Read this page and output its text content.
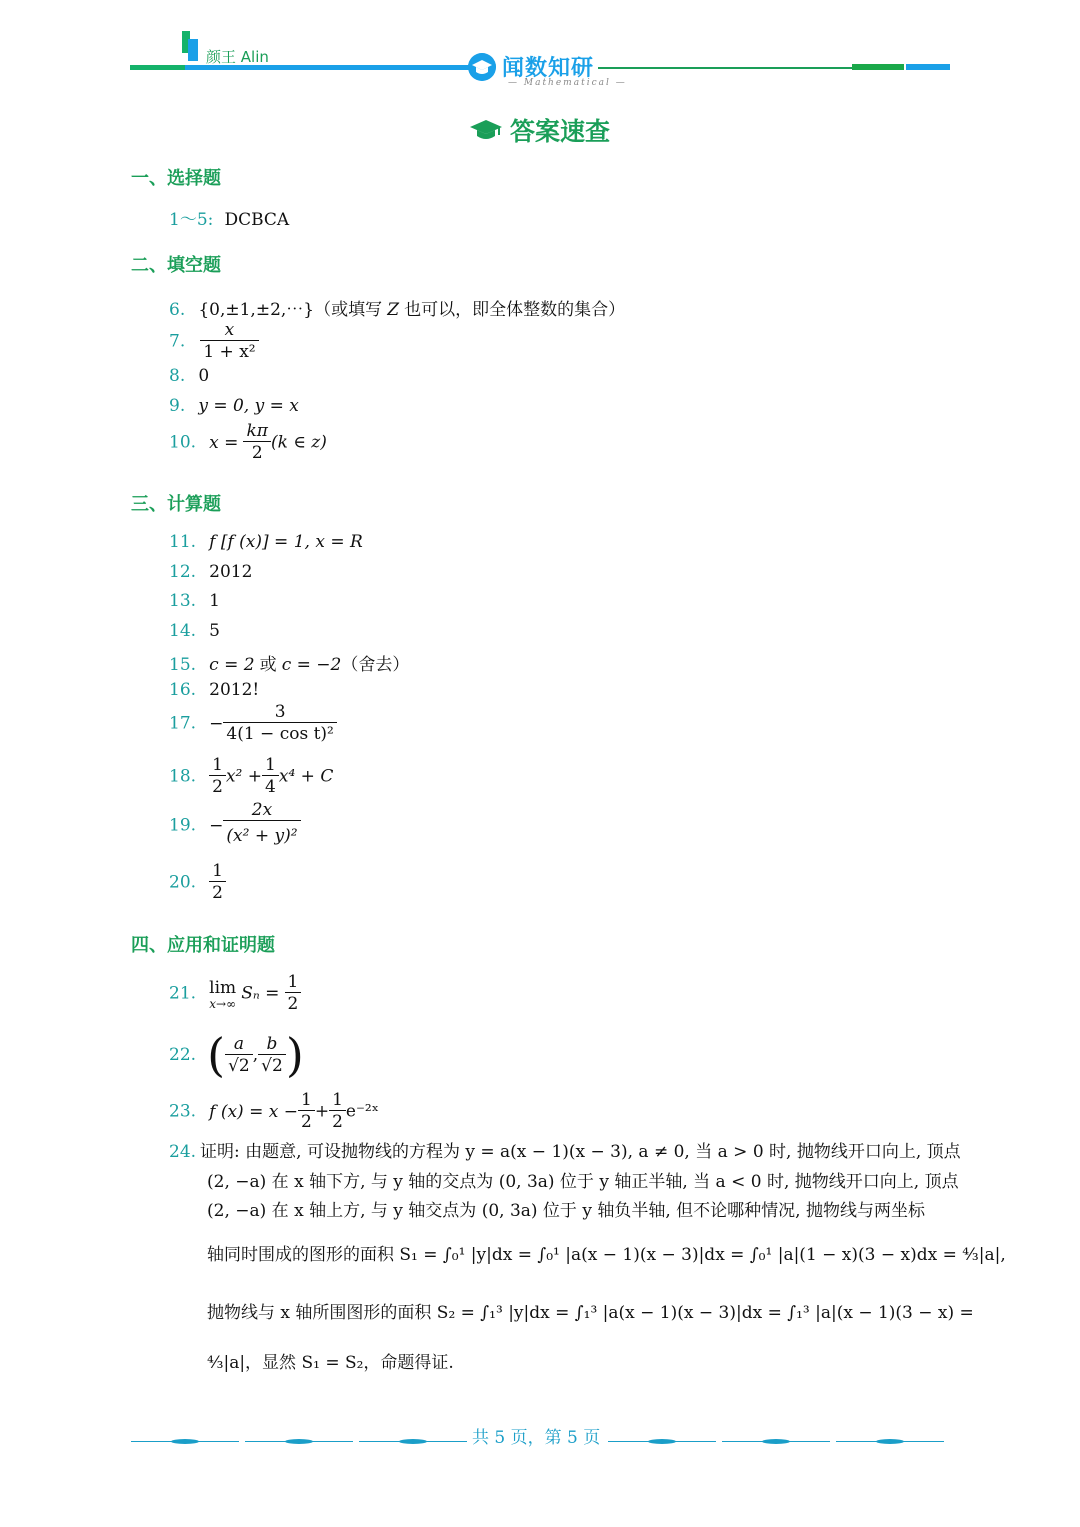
颜王 Alin	闻数知研
— Mathematical —
答案速查
一、选择题
1～5: DCBCA
二、填空题
6. {0,±1,±2,⋯}（或填写 Z 也可以，即全体整数的集合）
7. $\frac{x}{\text{1 + x²}}$
8. 0
9. y = 0, y = x
10. $x = \frac{k\pi}{2} (k$ ∈ z)
三、计算题
11. f [f (x)] = 1, x = R
12. 2012
13. 1
14. 5
15. c = 2 或 c = −2（舍去）
16. 2012!
17. − $\frac{3}{\text{4(1 − cos t)²}}$
18. $\frac{1}{2} x^2 + \frac{1}{4} x^4 + C$
19. − $\frac{2x}{\text{(x² + y)²}}$
20. $\frac{1}{2}$
四、应用和证明题
21. lim
x→∞ $S_n = \frac{1}{2}$
22. ( $\frac{a}{√2}$ , $\frac{b}{√2}$ )
23. f $(x) = x - \frac{1}{2} + \frac{1}{2}$ e⁻²ˣ
24. 证明: 由题意, 可设抛物线的方程为 y = a(x − 1)(x − 3), a ≠ 0, 当 a > 0 时, 抛物线开口向上, 顶点
(2, −a) 在 x 轴下方, 与 y 轴的交点为 (0, 3a) 位于 y 轴正半轴, 当 a < 0 时, 抛物线开口向上, 顶点
(2, −a) 在 x 轴上方, 与 y 轴交点为 (0, 3a) 位于 y 轴负半轴, 但不论哪种情况, 抛物线与两坐标
轴同时围成的图形的面积 S₁ = ∫₀¹ |y|dx = ∫₀¹ |a(x − 1)(x − 3)|dx = ∫₀¹ |a|(1 − x)(3 − x)dx = ⁴⁄₃|a|,
抛物线与 x 轴所围图形的面积 S₂ = ∫₁³ |y|dx = ∫₁³ |a(x − 1)(x − 3)|dx = ∫₁³ |a|(x − 1)(3 − x) =
⁴⁄₃|a|，显然 S₁ = S₂，命题得证.
共 5 页，第 5 页
